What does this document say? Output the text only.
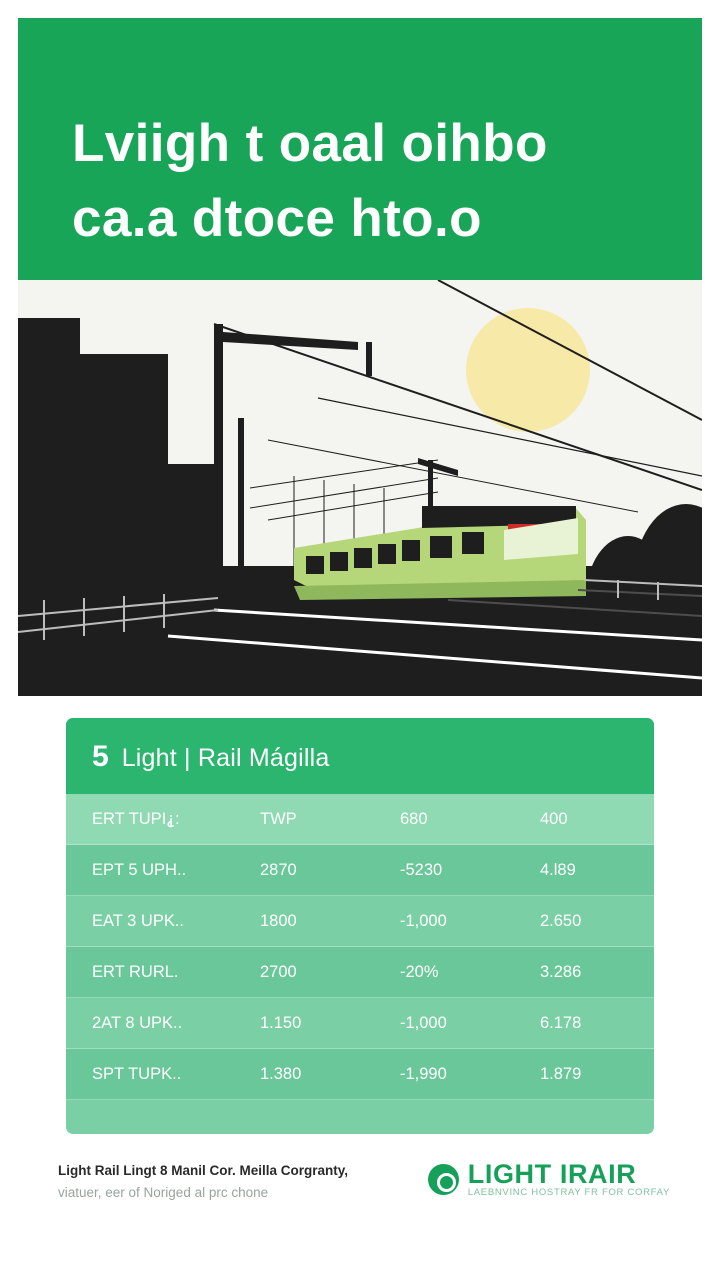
Lviigh t oaal oihbo
ca.a dtoce hto.o
5 Light | Rail Mágilla
ERT TUPI⸘:	TWP	680	400
EPT 5 UPH..	2870	-5230	4.l89
EAT 3 UPK..	1800	-1,000	2.650
ERT RURL.	2700	-20%	3.286
2AT 8 UPK..	1.150	-1,000	6.178
SPT TUPK..	1.380	-1,990	1.879
Light Rail Lingt 8 Manil Cor. Meilla Corgranty,
viatuer, eer of Noriged al prc chone
LIGHT IRAIR
LAEBNVINC HOSTRAY FR FOR CORFAY
